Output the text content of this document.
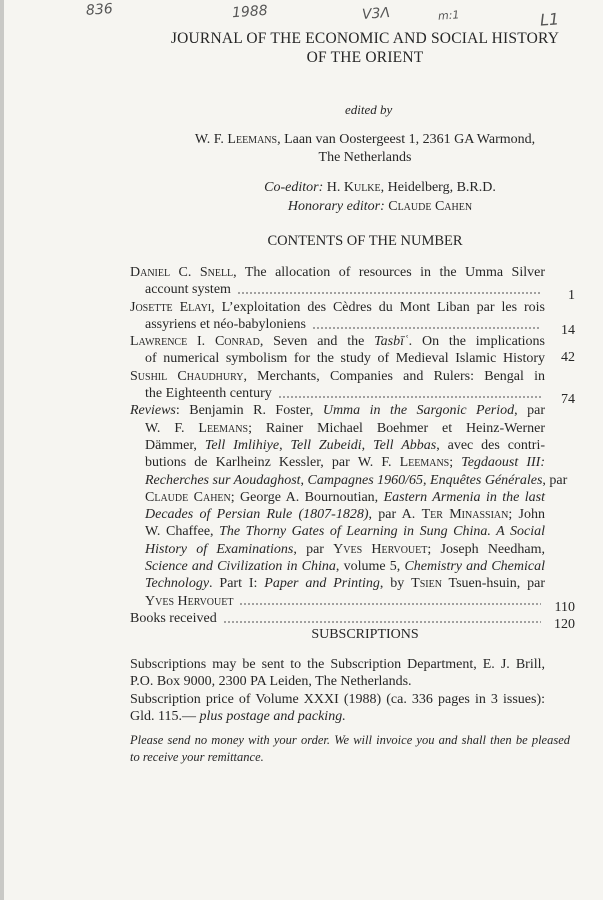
836	1988	V3Λ	m:1	L1
JOURNAL OF THE ECONOMIC AND SOCIAL HISTORY
OF THE ORIENT
edited by
W. F. Leemans, Laan van Oostergeest 1, 2361 GA Warmond,
The Netherlands
Co-editor: H. Kulke, Heidelberg, B.R.D.
Honorary editor: Claude Cahen
CONTENTS OF THE NUMBER
Daniel C. Snell, The allocation of resources in the Umma Silver
account system	1
Josette Elayi, L’exploitation des Cèdres du Mont Liban par les rois
assyriens et néo-babyloniens	14
Lawrence I. Conrad, Seven and the Tasbīʿ. On the implications
of numerical symbolism for the study of Medieval Islamic History	42
Sushil Chaudhury, Merchants, Companies and Rulers: Bengal in
the Eighteenth century	74
Reviews: Benjamin R. Foster, Umma in the Sargonic Period, par
W. F. Leemans; Rainer Michael Boehmer et Heinz-Werner
Dämmer, Tell Imlihiye, Tell Zubeidi, Tell Abbas, avec des contri-
butions de Karlheinz Kessler, par W. F. Leemans; Tegdaoust III:
Recherches sur Aoudaghost, Campagnes 1960/65, Enquêtes Générales, par
Claude Cahen; George A. Bournoutian, Eastern Armenia in the last
Decades of Persian Rule (1807-1828), par A. Ter Minassian; John
W. Chaffee, The Thorny Gates of Learning in Sung China. A Social
History of Examinations, par Yves Hervouet; Joseph Needham,
Science and Civilization in China, volume 5, Chemistry and Chemical
Technology. Part I: Paper and Printing, by Tsien Tsuen-hsuin, par
Yves Hervouet	110
Books received	120
SUBSCRIPTIONS
Subscriptions may be sent to the Subscription Department, E. J. Brill,
P.O. Box 9000, 2300 PA Leiden, The Netherlands.
Subscription price of Volume XXXI (1988) (ca. 336 pages in 3 issues):
Gld. 115.— plus postage and packing.
Please send no money with your order. We will invoice you and shall then be pleased
to receive your remittance.
